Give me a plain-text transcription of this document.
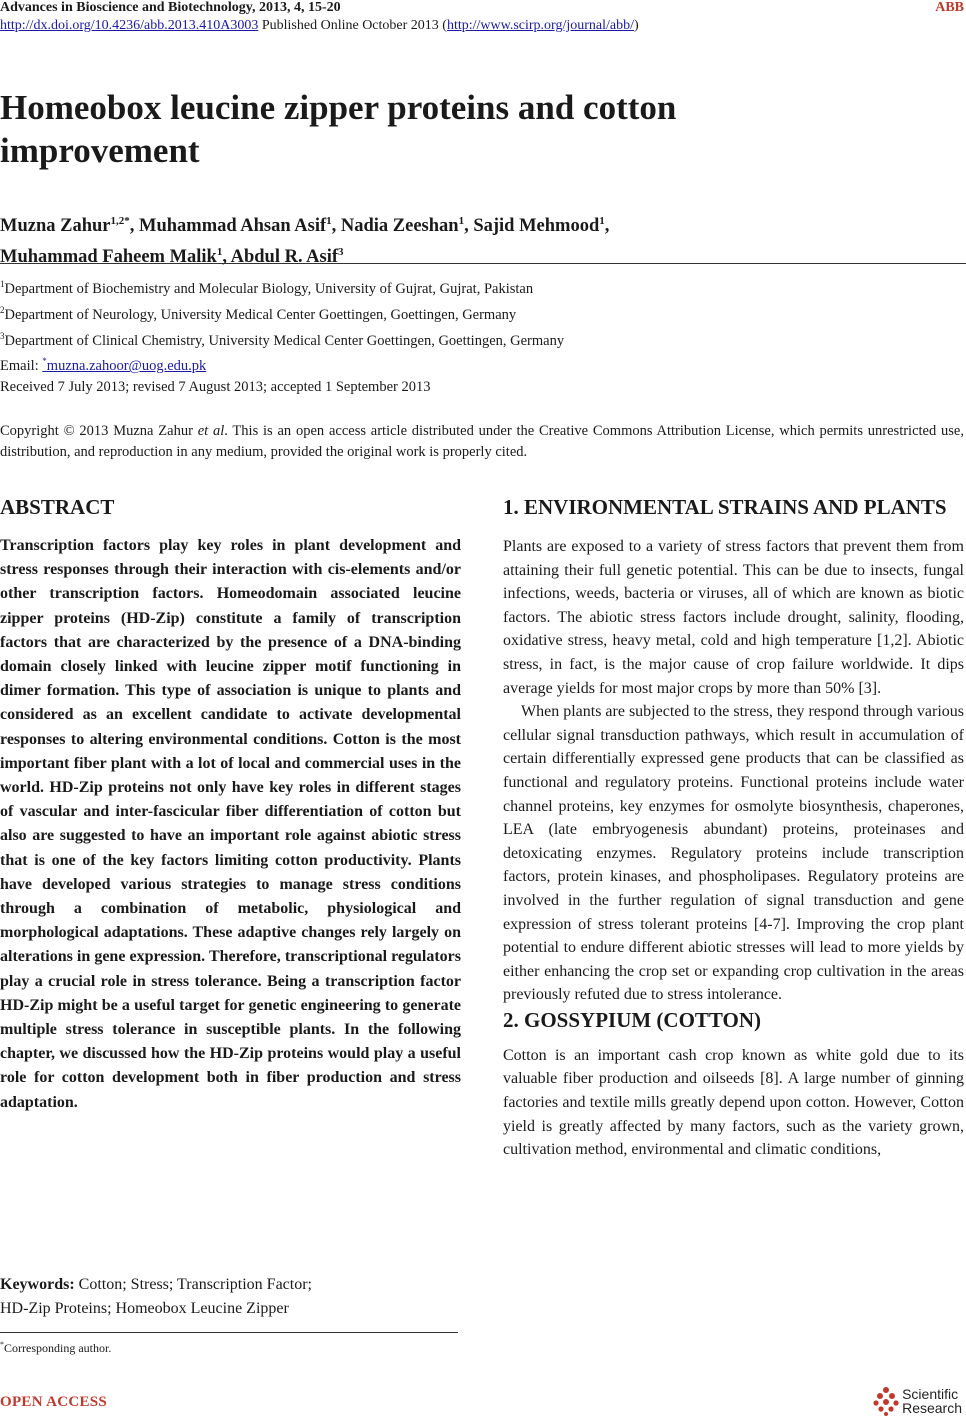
Advances in Bioscience and Biotechnology, 2013, 4, 15-20	ABB
http://dx.doi.org/10.4236/abb.2013.410A3003 Published Online October 2013 (http://www.scirp.org/journal/abb/)
Homeobox leucine zipper proteins and cotton improvement
Muzna Zahur$^{1,2*}$, Muhammad Ahsan Asif$^1$, Nadia Zeeshan$^1$, Sajid Mehmood$^1$,
Muhammad Faheem Malik$^1$, Abdul R. Asif$^3$
$^1$Department of Biochemistry and Molecular Biology, University of Gujrat, Gujrat, Pakistan
$^2$Department of Neurology, University Medical Center Goettingen, Goettingen, Germany
$^3$Department of Clinical Chemistry, University Medical Center Goettingen, Goettingen, Germany
Email: *muzna.zahoor@uog.edu.pk
Received 7 July 2013; revised 7 August 2013; accepted 1 September 2013
Copyright © 2013 Muzna Zahur et al. This is an open access article distributed under the Creative Commons Attribution License, which permits unrestricted use, distribution, and reproduction in any medium, provided the original work is properly cited.
ABSTRACT
Transcription factors play key roles in plant development and stress responses through their interaction with cis-elements and/or other transcription factors. Homeodomain associated leucine zipper proteins (HD-Zip) constitute a family of transcription factors that are characterized by the presence of a DNA-binding domain closely linked with leucine zipper motif functioning in dimer formation. This type of association is unique to plants and considered as an excellent candidate to activate developmental responses to altering environmental conditions. Cotton is the most important fiber plant with a lot of local and commercial uses in the world. HD-Zip proteins not only have key roles in different stages of vascular and inter-fascicular fiber differentiation of cotton but also are suggested to have an important role against abiotic stress that is one of the key factors limiting cotton productivity. Plants have developed various strategies to manage stress conditions through a combination of metabolic, physiological and morphological adaptations. These adaptive changes rely largely on alterations in gene expression. Therefore, transcriptional regulators play a crucial role in stress tolerance. Being a transcription factor HD-Zip might be a useful target for genetic engineering to generate multiple stress tolerance in susceptible plants. In the following chapter, we discussed how the HD-Zip proteins would play a useful role for cotton development both in fiber production and stress adaptation.
Keywords: Cotton; Stress; Transcription Factor;
HD-Zip Proteins; Homeobox Leucine Zipper
*Corresponding author.
1. ENVIRONMENTAL STRAINS AND PLANTS

Plants are exposed to a variety of stress factors that prevent them from attaining their full genetic potential. This can be due to insects, fungal infections, weeds, bacteria or viruses, all of which are known as biotic factors. The abiotic stress factors include drought, salinity, flooding, oxidative stress, heavy metal, cold and high temperature [1,2]. Abiotic stress, in fact, is the major cause of crop failure worldwide. It dips average yields for most major crops by more than 50% [3].

When plants are subjected to the stress, they respond through various cellular signal transduction pathways, which result in accumulation of certain differentially expressed gene products that can be classified as functional and regulatory proteins. Functional proteins include water channel proteins, key enzymes for osmolyte biosynthesis, chaperones, LEA (late embryogenesis abundant) proteins, proteinases and detoxicating enzymes. Regulatory proteins include transcription factors, protein kinases, and phospholipases. Regulatory proteins are involved in the further regulation of signal transduction and gene expression of stress tolerant proteins [4-7]. Improving the crop plant potential to endure different abiotic stresses will lead to more yields by either enhancing the crop set or expanding crop cultivation in the areas previously refuted due to stress intolerance.

2. GOSSYPIUM (COTTON)

Cotton is an important cash crop known as white gold due to its valuable fiber production and oilseeds [8]. A large number of ginning factories and textile mills greatly depend upon cotton. However, Cotton yield is greatly affected by many factors, such as the variety grown, cultivation method, environmental and climatic conditions,

OPEN ACCESS	Scientific
Research
